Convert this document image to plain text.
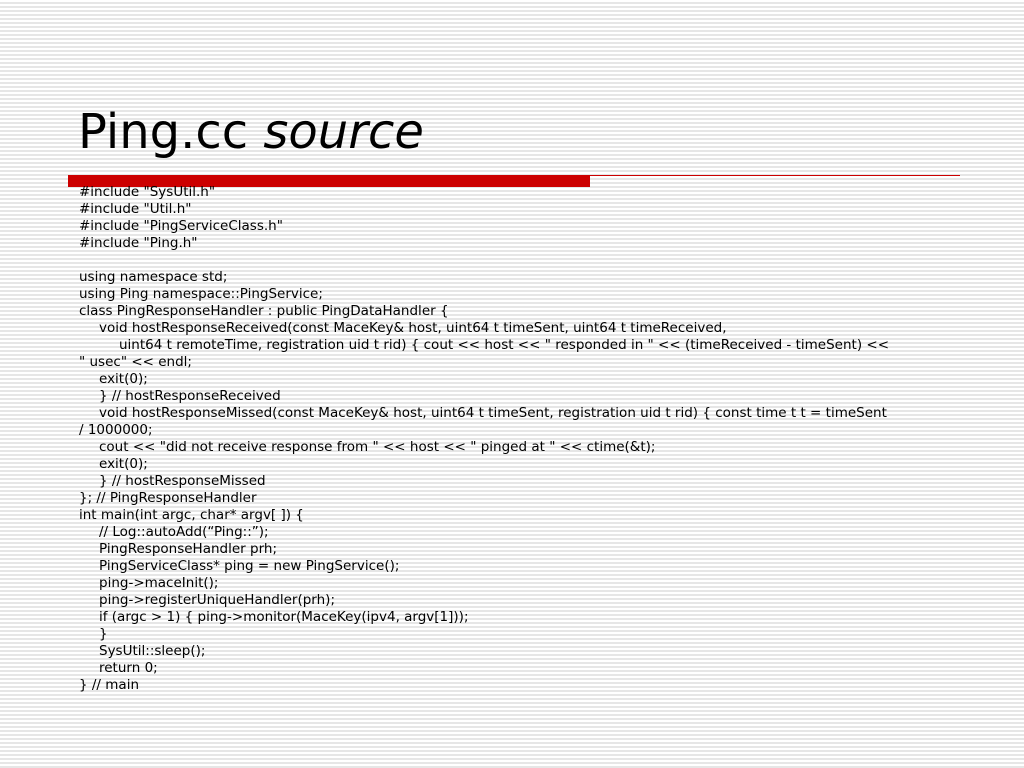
Ping.cc source
#include "SysUtil.h"
#include "Util.h"
#include "PingServiceClass.h"
#include "Ping.h"
using namespace std;
using Ping namespace::PingService;
class PingResponseHandler : public PingDataHandler {
void hostResponseReceived(const MaceKey& host, uint64 t timeSent, uint64 t timeReceived,
uint64 t remoteTime, registration uid t rid) { cout << host << " responded in " << (timeReceived - timeSent) <<
" usec" << endl;
exit(0);
} // hostResponseReceived
void hostResponseMissed(const MaceKey& host, uint64 t timeSent, registration uid t rid) { const time t t = timeSent
/ 1000000;
cout << "did not receive response from " << host << " pinged at " << ctime(&t);
exit(0);
} // hostResponseMissed
}; // PingResponseHandler
int main(int argc, char* argv[ ]) {
// Log::autoAdd(“Ping::”);
PingResponseHandler prh;
PingServiceClass* ping = new PingService();
ping->maceInit();
ping->registerUniqueHandler(prh);
if (argc > 1) { ping->monitor(MaceKey(ipv4, argv[1]));
}
SysUtil::sleep();
return 0;
} // main
